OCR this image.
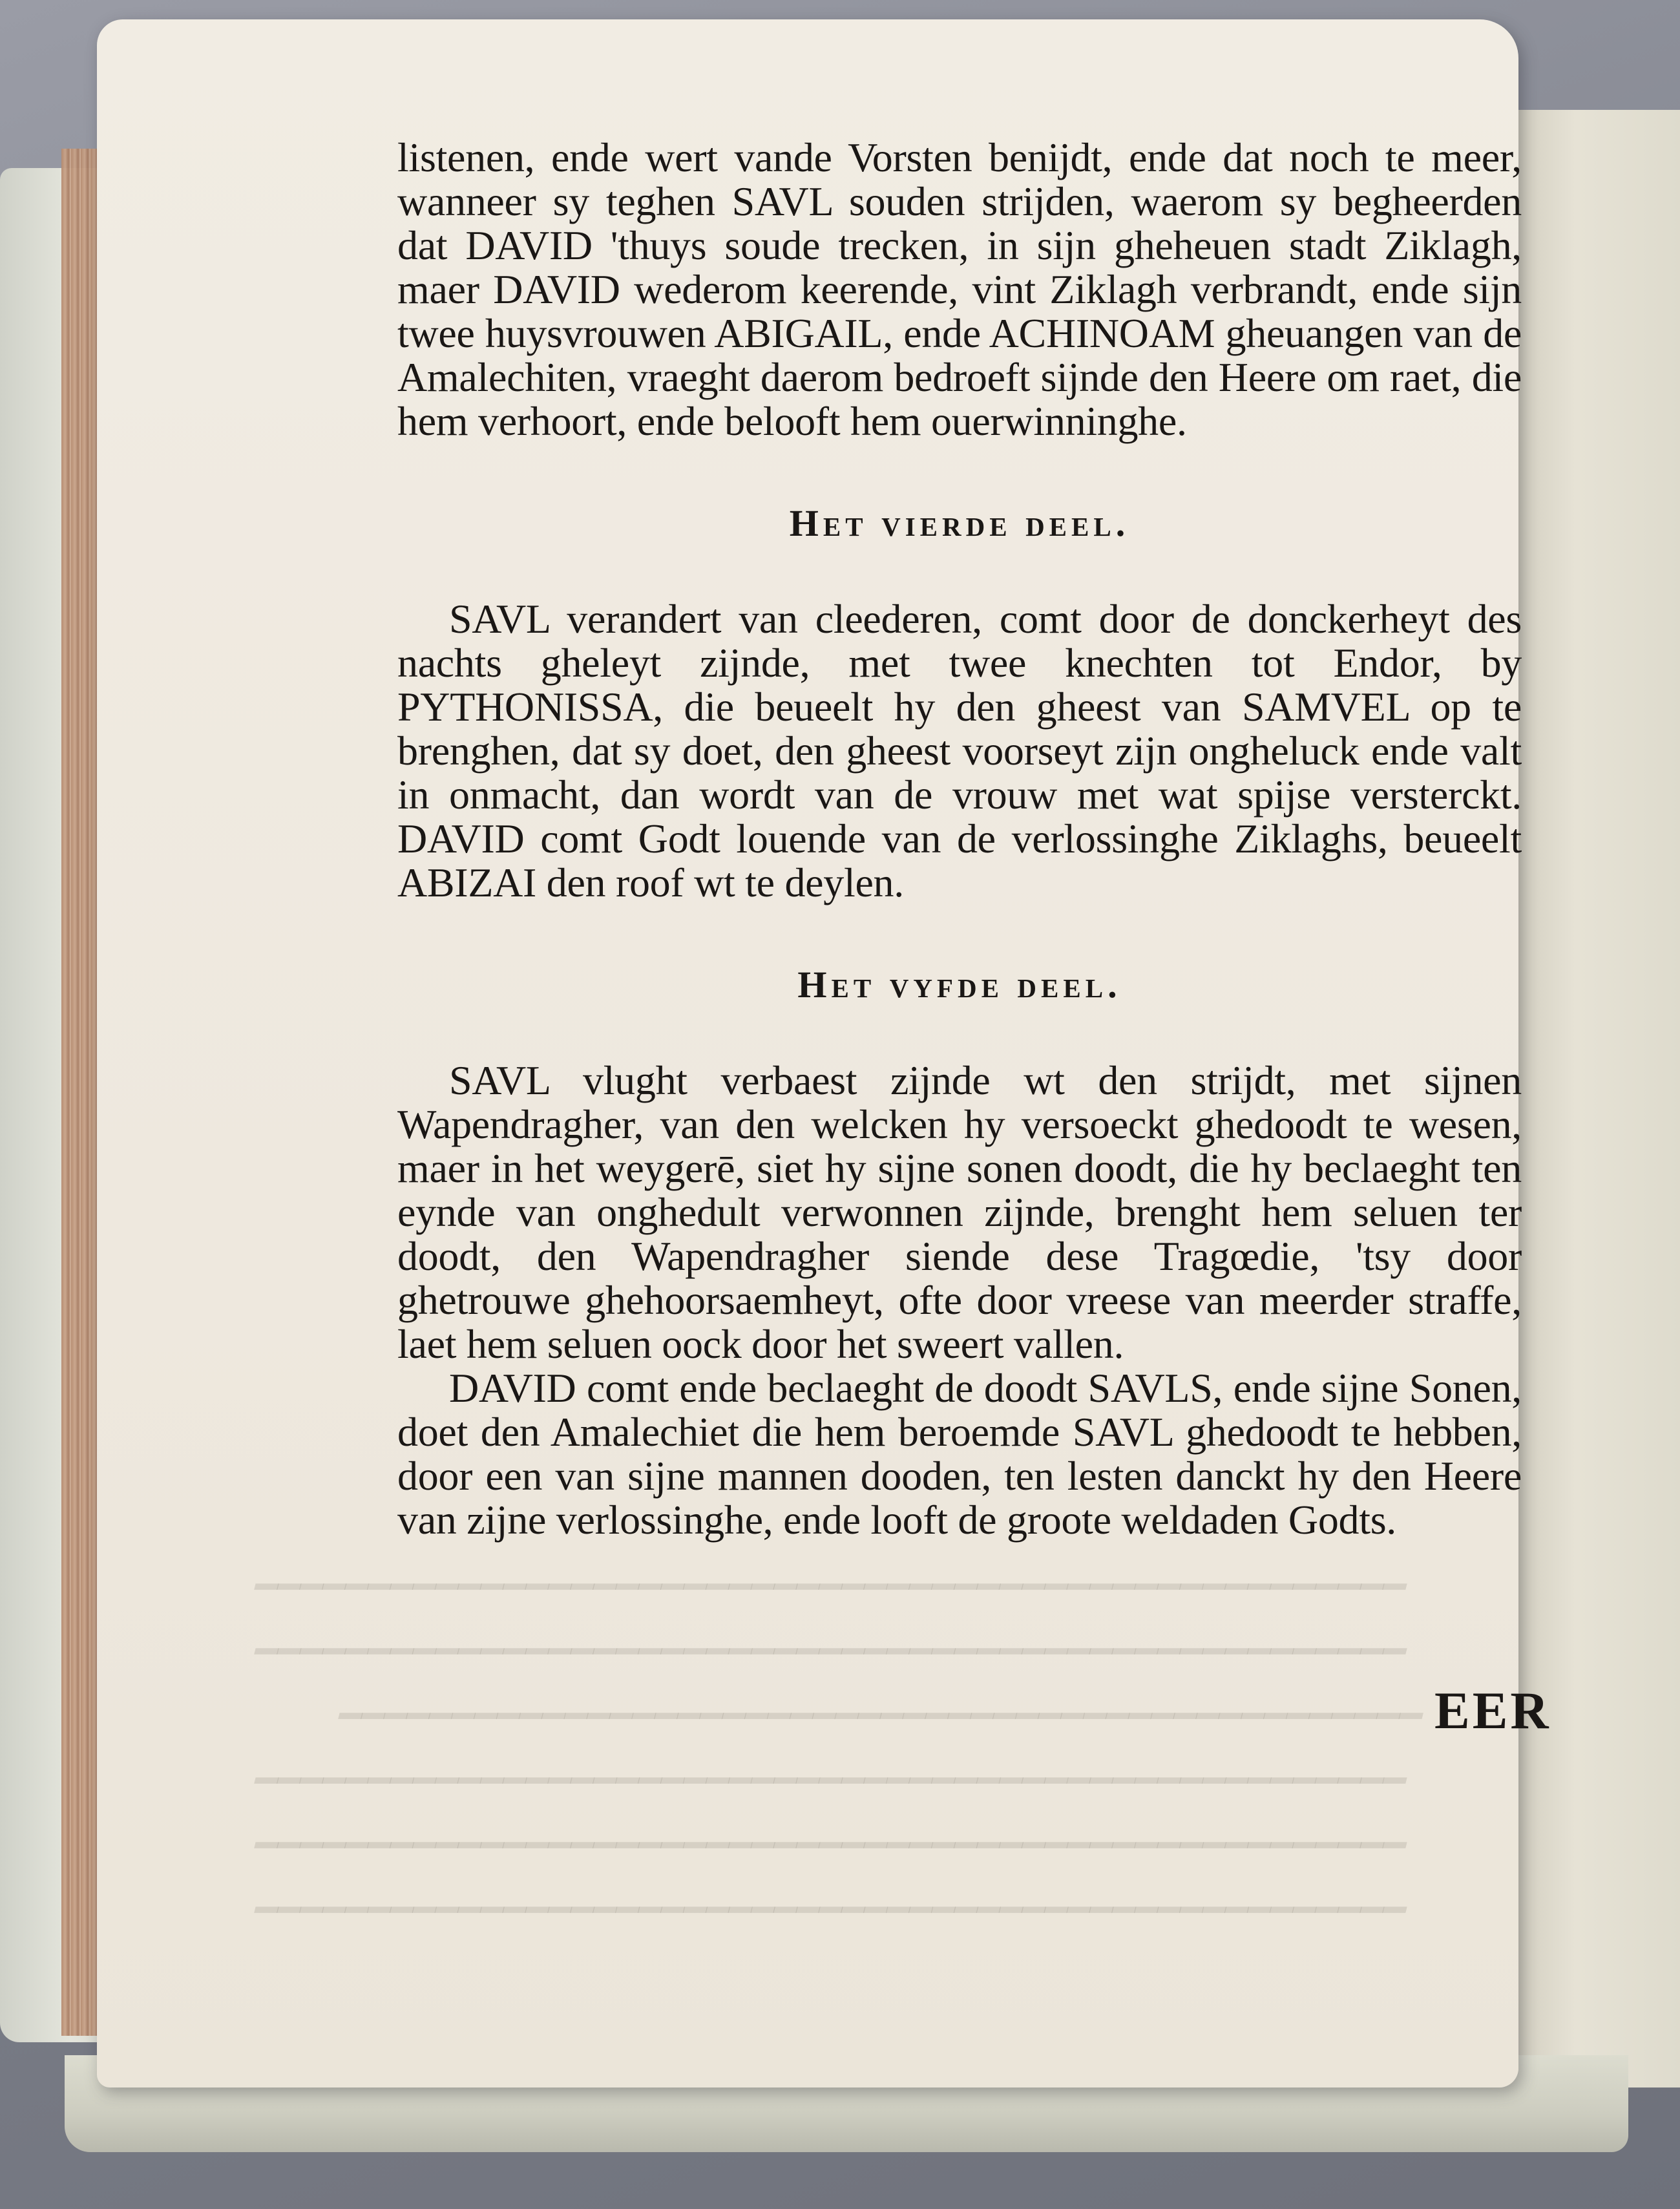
━━━━━━━━━━━━━━━━━━━━━━━━━━━━━━━━━━━━━━━━━━━━━━━━━━━
━━━━━━━━━━━━━━━━━━━━━━━━━━━━━━━━━━━━━━━━━━━━━━━━━━━
━━━━━━━━━━━━━━━━━━━━━━━━━━━━━━━━━━━━━━━━━━━━━━━━
━━━━━━━━━━━━━━━━━━━━━━━━━━━━━━━━━━━━━━━━━━━━━━━━━━━
━━━━━━━━━━━━━━━━━━━━━━━━━━━━━━━━━━━━━━━━━━━━━━━━━━━
━━━━━━━━━━━━━━━━━━━━━━━━━━━━━━━━━━━━━━━━━━━━━━━━━━━

listenen, ende wert vande Vorsten benijdt, ende dat noch te meer, wanneer sy teghen SAVL souden strijden, waerom sy begheerden dat DAVID 'thuys soude trecken, in sijn gheheuen stadt Ziklagh, maer DAVID wederom keerende, vint Ziklagh verbrandt, ende sijn twee huysvrouwen ABIGAIL, ende ACHINOAM gheuangen van de Amalechiten, vraeght daerom bedroeft sijnde den Heere om raet, die hem verhoort, ende belooft hem ouerwinninghe.

Het vierde deel.

SAVL verandert van cleederen, comt door de donckerheyt des nachts gheleyt zijnde, met twee knechten tot Endor, by PYTHONISSA, die beueelt hy den gheest van SAMVEL op te brenghen, dat sy doet, den gheest voorseyt zijn ongheluck ende valt in onmacht, dan wordt van de vrouw met wat spijse versterckt. DAVID comt Godt louende van de verlossinghe Ziklaghs, beueelt ABIZAI den roof wt te deylen.

Het vyfde deel.

SAVL vlught verbaest zijnde wt den strijdt, met sijnen Wapendragher, van den welcken hy versoeckt ghedoodt te wesen, maer in het weygerē, siet hy sijne sonen doodt, die hy beclaeght ten eynde van onghedult verwonnen zijnde, brenght hem seluen ter doodt, den Wapendragher siende dese Tragœdie, 'tsy door ghetrouwe ghehoorsaemheyt, ofte door vreese van meerder straffe, laet hem seluen oock door het sweert vallen.

DAVID comt ende beclaeght de doodt SAVLS, ende sijne Sonen, doet den Amalechiet die hem beroemde SAVL ghedoodt te hebben, door een van sijne mannen dooden, ten lesten danckt hy den Heere van zijne verlossinghe, ende looft de groote weldaden Godts.

EER
